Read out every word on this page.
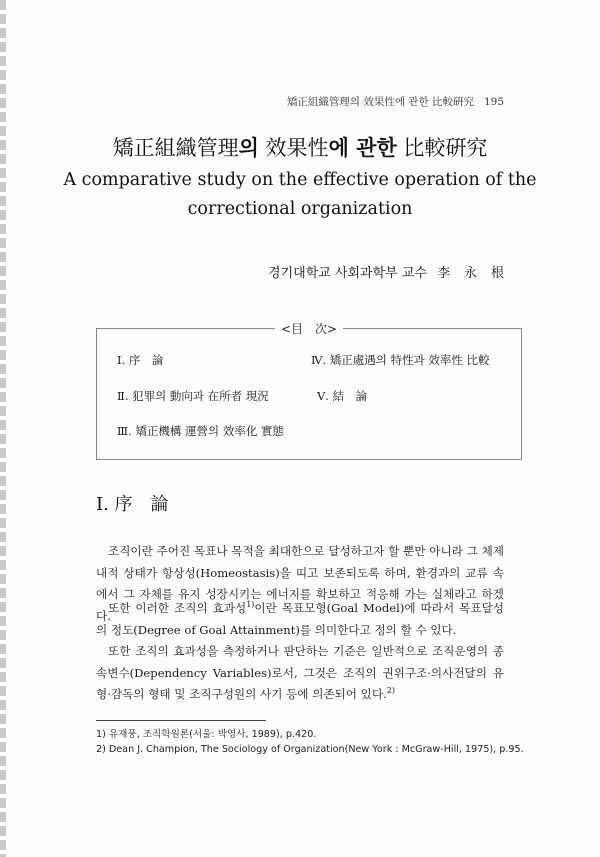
矯正組織管理의 效果性에 관한 比較硏究 195
矯正組織管理의 效果性에 관한 比較硏究
A comparative study on the effective operation of the correctional organization
경기대학교 사회과학부 교수 李永根
<目　次>
Ⅰ. 序　論
Ⅱ. 犯罪의 動向과 在所者 現況
Ⅲ. 矯正機構 運營의 效率化 實態
Ⅳ. 矯正處遇의 特性과 效率性 比較
Ⅴ. 結　論
Ⅰ. 序　論

조직이란 주어진 목표나 목적을 최대한으로 달성하고자 할 뿐만 아니라 그 체제 내적 상태가 항상성(Homeostasis)을 띠고 보존되도록 하며, 환경과의 교류 속에서 그 자체를 유지 성장시키는 에너지를 확보하고 적응해 가는 실체라고 하겠다.

또한 이러한 조직의 효과성$^{1)}$이란 목표모형(Goal Model)에 따라서 목표달성의 정도(Degree of Goal Attainment)를 의미한다고 정의 할 수 있다.

또한 조직의 효과성을 측정하거나 판단하는 기준은 일반적으로 조직운영의 종속변수(Dependency Variables)로서, 그것은 조직의 권위구조·의사전달의 유형·감독의 형태 및 조직구성원의 사기 등에 의존되어 있다.$^{2)}$

1) 유재풍, 조직학원론(서울: 박영사, 1989), p.420.
2) Dean J. Champion, The Sociology of Organization(New York : McGraw-Hill, 1975), p.95.
